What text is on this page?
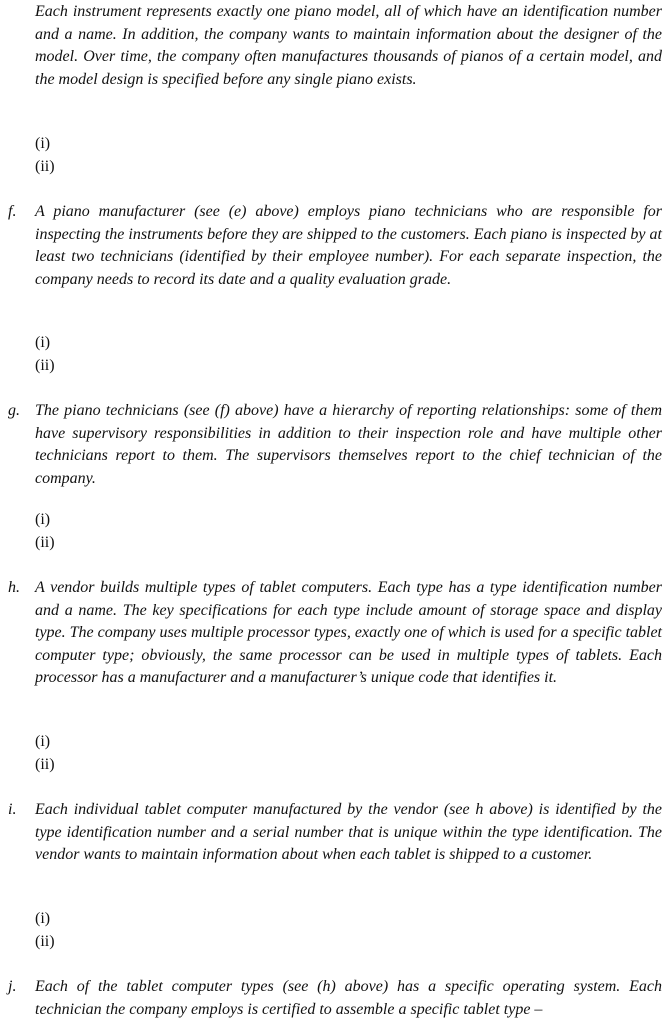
Each instrument represents exactly one piano model, all of which have an identification number and a name. In addition, the company wants to maintain information about the designer of the model. Over time, the company often manufactures thousands of pianos of a certain model, and the model design is specified before any single piano exists.

(i)
(ii)
f. A piano manufacturer (see (e) above) employs piano technicians who are responsible for inspecting the instruments before they are shipped to the customers. Each piano is inspected by at least two technicians (identified by their employee number). For each separate inspection, the company needs to record its date and a quality evaluation grade.

(i)
(ii)
g. The piano technicians (see (f) above) have a hierarchy of reporting relationships: some of them have supervisory responsibilities in addition to their inspection role and have multiple other technicians report to them. The supervisors themselves report to the chief technician of the company.

(i)
(ii)
h. A vendor builds multiple types of tablet computers. Each type has a type identification number and a name. The key specifications for each type include amount of storage space and display type. The company uses multiple processor types, exactly one of which is used for a specific tablet computer type; obviously, the same processor can be used in multiple types of tablets. Each processor has a manufacturer and a manufacturer’s unique code that identifies it.

(i)
(ii)
i. Each individual tablet computer manufactured by the vendor (see h above) is identified by the type identification number and a serial number that is unique within the type identification. The vendor wants to maintain information about when each tablet is shipped to a customer.

(i)
(ii)
j. Each of the tablet computer types (see (h) above) has a specific operating system. Each technician the company employs is certified to assemble a specific tablet type –
